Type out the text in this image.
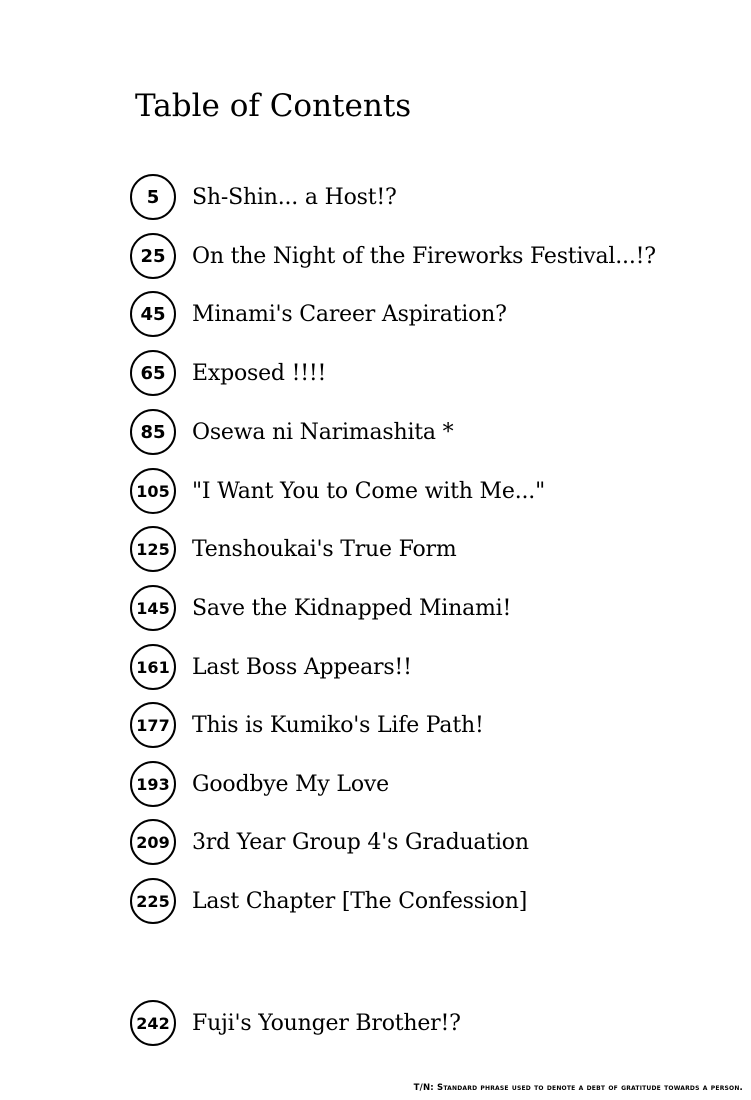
Table of Contents
5	Sh-Shin... a Host!?
25	On the Night of the Fireworks Festival...!?
45	Minami's Career Aspiration?
65	Exposed !!!!
85	Osewa ni Narimashita *
105 "I Want You to Come with Me..."
125 Tenshoukai's True Form
145 Save the Kidnapped Minami!
161 Last Boss Appears!!
177 This is Kumiko's Life Path!
193 Goodbye My Love
209 3rd Year Group 4's Graduation
225 Last Chapter [The Confession]
242 Fuji's Younger Brother!?

T/N: Standard phrase used to denote a debt of gratitude towards a person.
